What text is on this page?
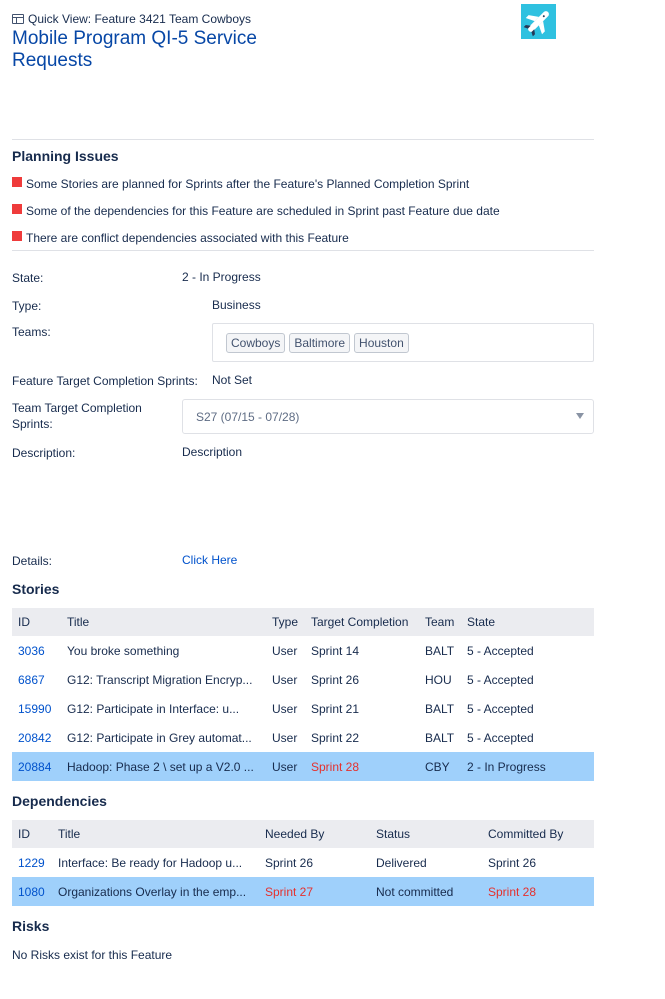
Quick View: Feature 3421 Team Cowboys
Mobile Program QI-5 Service Requests
Planning Issues
Some Stories are planned for Sprints after the Feature's Planned Completion Sprint
Some of the dependencies for this Feature are scheduled in Sprint past Feature due date
There are conflict dependencies associated with this Feature
State:	2 - In Progress
Type:	Business
Teams:
Cowboys	Baltimore	Houston
Feature Target Completion Sprints: Not Set
Team Target Completion Sprints:
S27 (07/15 - 07/28)
Description:	Description
Details:	Click Here
Stories
ID	Title	Type	Target Completion	Team	State
3036	You broke something	User	Sprint 14	BALT	5 - Accepted
6867	G12: Transcript Migration Encryp...	User	Sprint 26	HOU	5 - Accepted
15990	G12: Participate in Interface: u...	User	Sprint 21	BALT	5 - Accepted
20842	G12: Participate in Grey automat...	User	Sprint 22	BALT	5 - Accepted
20884	Hadoop: Phase 2 \ set up a V2.0 ...	User	Sprint 28	CBY	2 - In Progress
Dependencies
ID	Title	Needed By	Status	Committed By
1229	Interface: Be ready for Hadoop u...	Sprint 26	Delivered	Sprint 26
1080	Organizations Overlay in the emp...	Sprint 27	Not committed	Sprint 28
Risks
No Risks exist for this Feature
